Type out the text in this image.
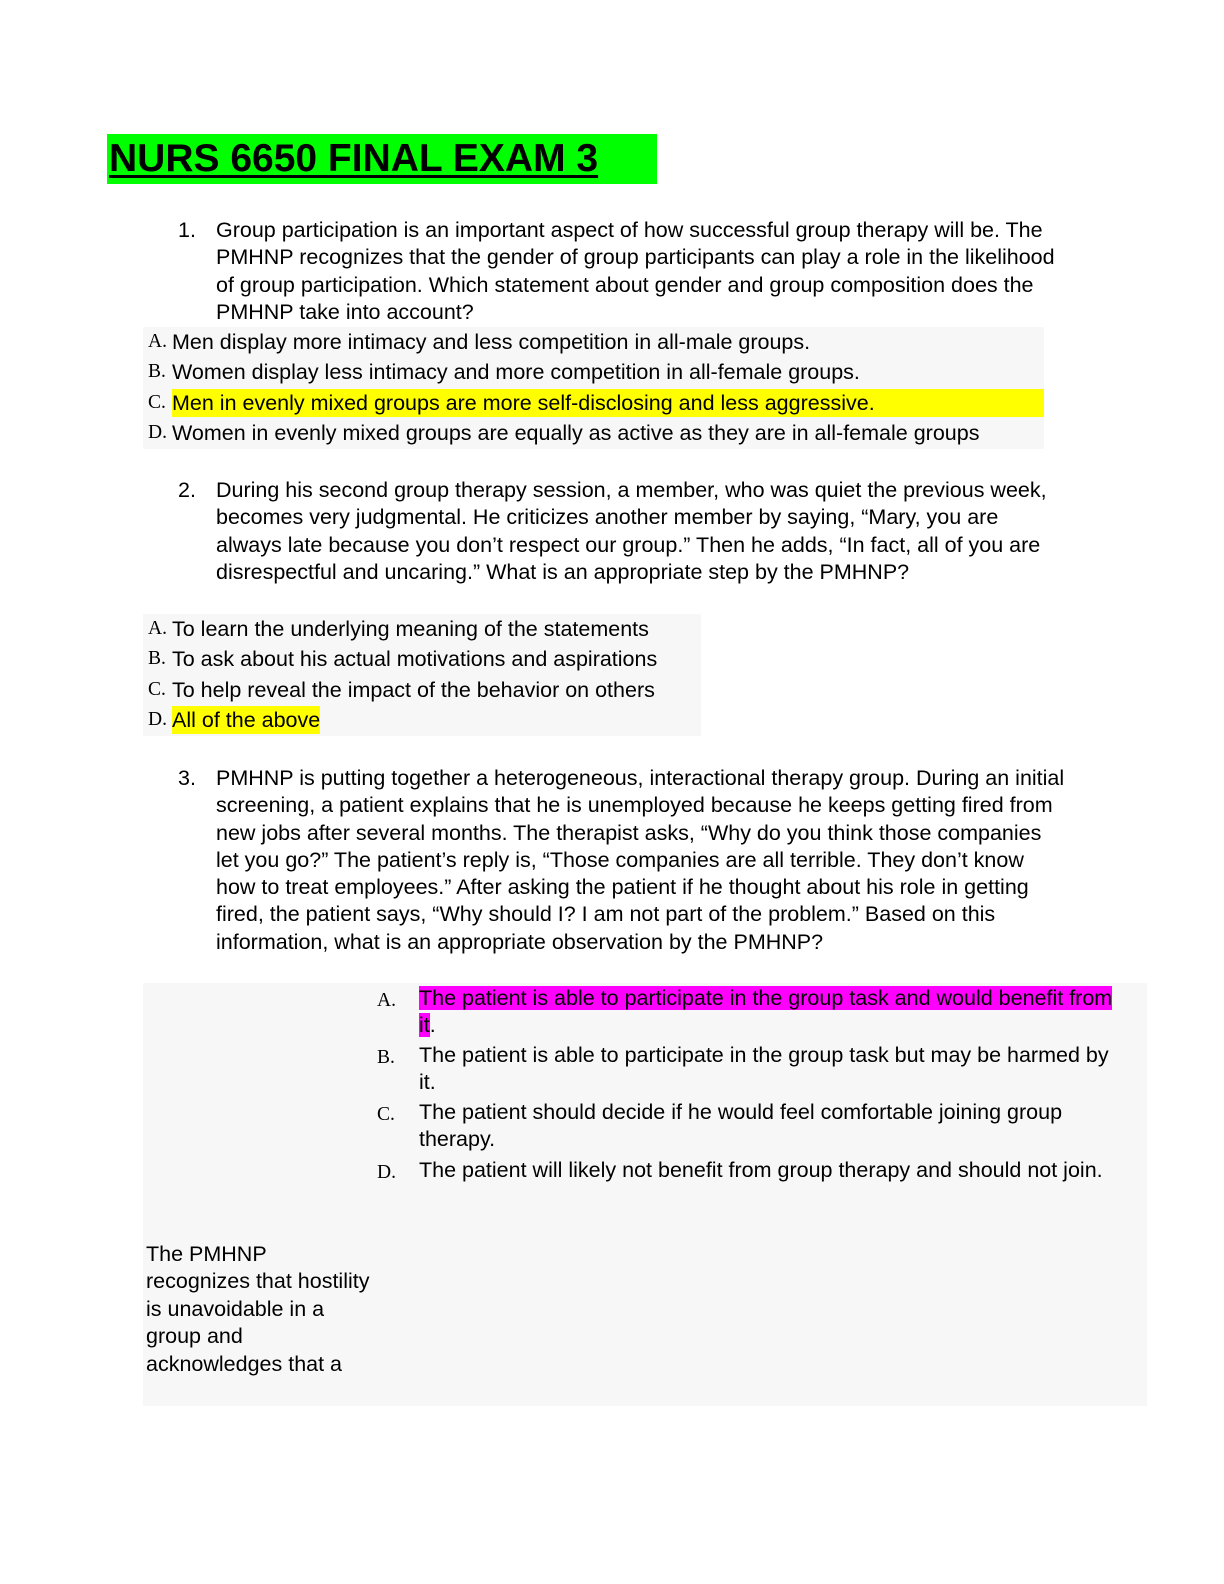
NURS 6650 FINAL EXAM 3
1. Group participation is an important aspect of how successful group therapy will be. The PMHNP recognizes that the gender of group participants can play a role in the likelihood of group participation. Which statement about gender and group composition does the PMHNP take into account?
A. Men display more intimacy and less competition in all-male groups.
B. Women display less intimacy and more competition in all-female groups.
C. Men in evenly mixed groups are more self-disclosing and less aggressive.
D. Women in evenly mixed groups are equally as active as they are in all-female groups
2. During his second group therapy session, a member, who was quiet the previous week, becomes very judgmental. He criticizes another member by saying, “Mary, you are always late because you don’t respect our group.” Then he adds, “In fact, all of you are disrespectful and uncaring.” What is an appropriate step by the PMHNP?
A. To learn the underlying meaning of the statements
B. To ask about his actual motivations and aspirations
C. To help reveal the impact of the behavior on others
D. All of the above
3. PMHNP is putting together a heterogeneous, interactional therapy group. During an initial screening, a patient explains that he is unemployed because he keeps getting fired from new jobs after several months. The therapist asks, “Why do you think those companies let you go?” The patient’s reply is, “Those companies are all terrible. They don’t know how to treat employees.” After asking the patient if he thought about his role in getting fired, the patient says, “Why should I? I am not part of the problem.” Based on this information, what is an appropriate observation by the PMHNP?
A. The patient is able to participate in the group task and would benefit from it.
B. The patient is able to participate in the group task but may be harmed by it.
C. The patient should decide if he would feel comfortable joining group therapy.
D. The patient will likely not benefit from group therapy and should not join.
The PMHNP recognizes that hostility is unavoidable in a group and acknowledges that a
